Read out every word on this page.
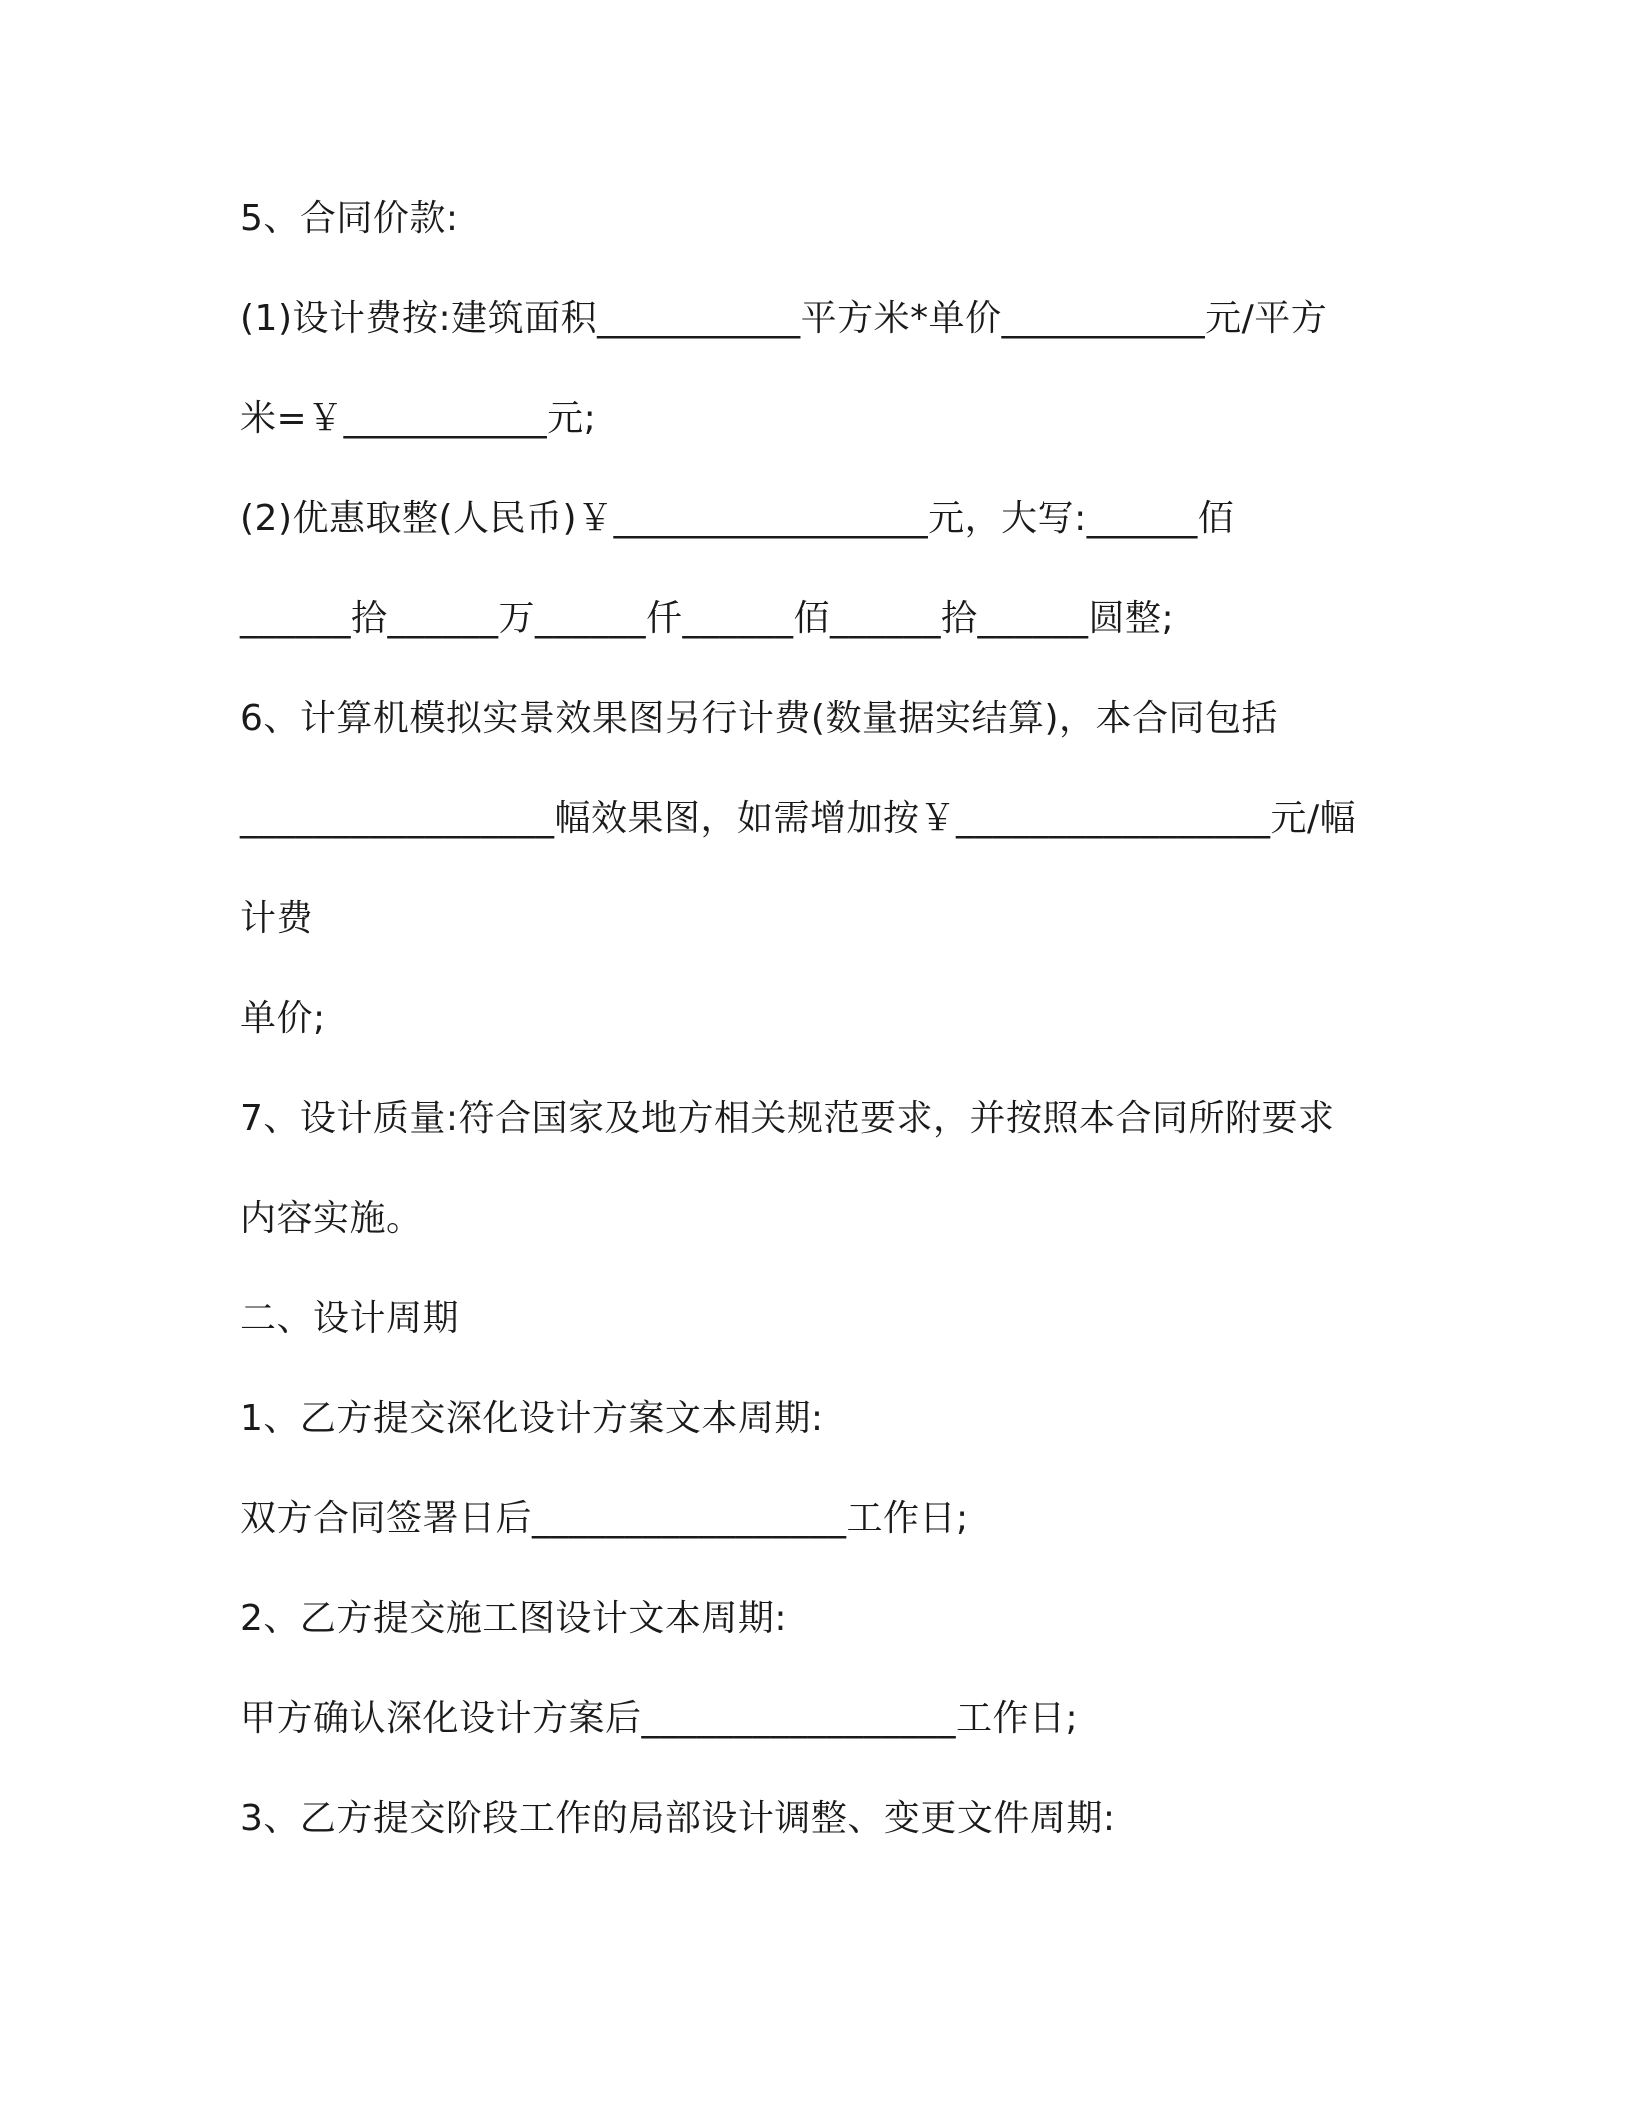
5、合同价款:
(1)设计费按:建筑面积___________平方米*单价___________元/平方
米=￥___________元;
(2)优惠取整(人民币)￥_________________元，大写:______佰
______拾______万______仟______佰______拾______圆整;
6、计算机模拟实景效果图另行计费(数量据实结算)，本合同包括
_________________幅效果图，如需增加按￥_________________元/幅
计费
单价;
7、设计质量:符合国家及地方相关规范要求，并按照本合同所附要求
内容实施。
二、设计周期
1、乙方提交深化设计方案文本周期:
双方合同签署日后_________________工作日;
2、乙方提交施工图设计文本周期:
甲方确认深化设计方案后_________________工作日;
3、乙方提交阶段工作的局部设计调整、变更文件周期:
